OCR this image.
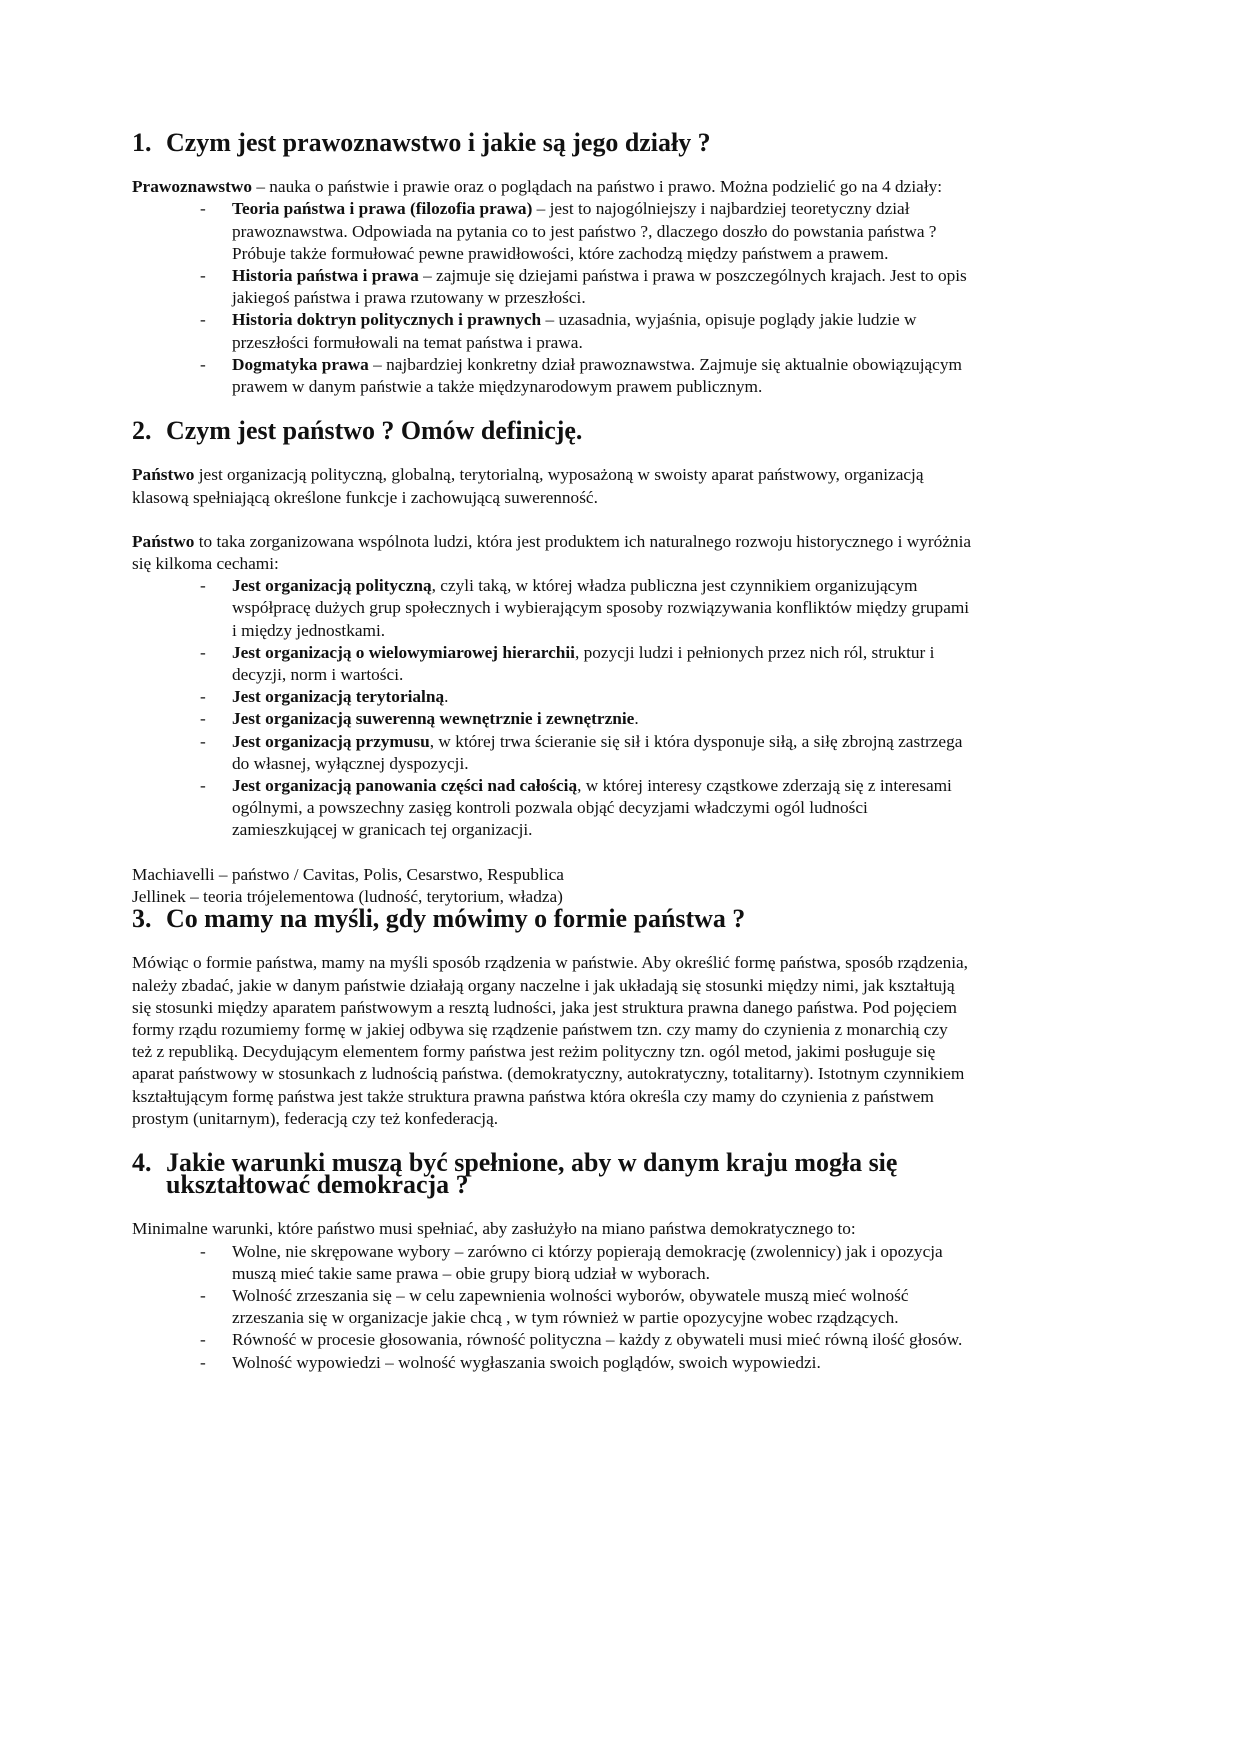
1. Czym jest prawoznawstwo i jakie są jego działy ?

Prawoznawstwo – nauka o państwie i prawie oraz o poglądach na państwo i prawo. Można podzielić go na 4 działy:

- Teoria państwa i prawa (filozofia prawa) – jest to najogólniejszy i najbardziej teoretyczny dział prawoznawstwa. Odpowiada na pytania co to jest państwo ?, dlaczego doszło do powstania państwa ? Próbuje także formułować pewne prawidłowości, które zachodzą między państwem a prawem.
- Historia państwa i prawa – zajmuje się dziejami państwa i prawa w poszczególnych krajach. Jest to opis jakiegoś państwa i prawa rzutowany w przeszłości.
- Historia doktryn politycznych i prawnych – uzasadnia, wyjaśnia, opisuje poglądy jakie ludzie w przeszłości formułowali na temat państwa i prawa.
- Dogmatyka prawa – najbardziej konkretny dział prawoznawstwa. Zajmuje się aktualnie obowiązującym prawem w danym państwie a także międzynarodowym prawem publicznym.
2. Czym jest państwo ? Omów definicję.

Państwo jest organizacją polityczną, globalną, terytorialną, wyposażoną w swoisty aparat państwowy, organizacją klasową spełniającą określone funkcje i zachowującą suwerenność.

Państwo to taka zorganizowana wspólnota ludzi, która jest produktem ich naturalnego rozwoju historycznego i wyróżnia się kilkoma cechami:

- Jest organizacją polityczną, czyli taką, w której władza publiczna jest czynnikiem organizującym współpracę dużych grup społecznych i wybierającym sposoby rozwiązywania konfliktów między grupami i między jednostkami.
- Jest organizacją o wielowymiarowej hierarchii, pozycji ludzi i pełnionych przez nich ról, struktur i decyzji, norm i wartości.
- Jest organizacją terytorialną.
- Jest organizacją suwerenną wewnętrznie i zewnętrznie.
- Jest organizacją przymusu, w której trwa ścieranie się sił i która dysponuje siłą, a siłę zbrojną zastrzega do własnej, wyłącznej dyspozycji.
- Jest organizacją panowania części nad całością, w której interesy cząstkowe zderzają się z interesami ogólnymi, a powszechny zasięg kontroli pozwala objąć decyzjami władczymi ogól ludności zamieszkującej w granicach tej organizacji.

Machiavelli – państwo / Cavitas, Polis, Cesarstwo, Respublica

Jellinek – teoria trójelementowa (ludność, terytorium, władza)

3. Co mamy na myśli, gdy mówimy o formie państwa ?

Mówiąc o formie państwa, mamy na myśli sposób rządzenia w państwie. Aby określić formę państwa, sposób rządzenia, należy zbadać, jakie w danym państwie działają organy naczelne i jak układają się stosunki między nimi, jak kształtują się stosunki między aparatem państwowym a resztą ludności, jaka jest struktura prawna danego państwa. Pod pojęciem formy rządu rozumiemy formę w jakiej odbywa się rządzenie państwem tzn. czy mamy do czynienia z monarchią czy też z republiką. Decydującym elementem formy państwa jest reżim polityczny tzn. ogól metod, jakimi posługuje się aparat państwowy w stosunkach z ludnością państwa. (demokratyczny, autokratyczny, totalitarny). Istotnym czynnikiem kształtującym formę państwa jest także struktura prawna państwa która określa czy mamy do czynienia z państwem prostym (unitarnym), federacją czy też konfederacją.

4. Jakie warunki muszą być spełnione, aby w danym kraju mogła się ukształtować demokracja ?

Minimalne warunki, które państwo musi spełniać, aby zasłużyło na miano państwa demokratycznego to:

- Wolne, nie skrępowane wybory – zarówno ci którzy popierają demokrację (zwolennicy) jak i opozycja muszą mieć takie same prawa – obie grupy biorą udział w wyborach.
- Wolność zrzeszania się – w celu zapewnienia wolności wyborów, obywatele muszą mieć wolność zrzeszania się w organizacje jakie chcą , w tym również w partie opozycyjne wobec rządzących.
- Równość w procesie głosowania, równość polityczna – każdy z obywateli musi mieć równą ilość głosów.
- Wolność wypowiedzi – wolność wygłaszania swoich poglądów, swoich wypowiedzi.
